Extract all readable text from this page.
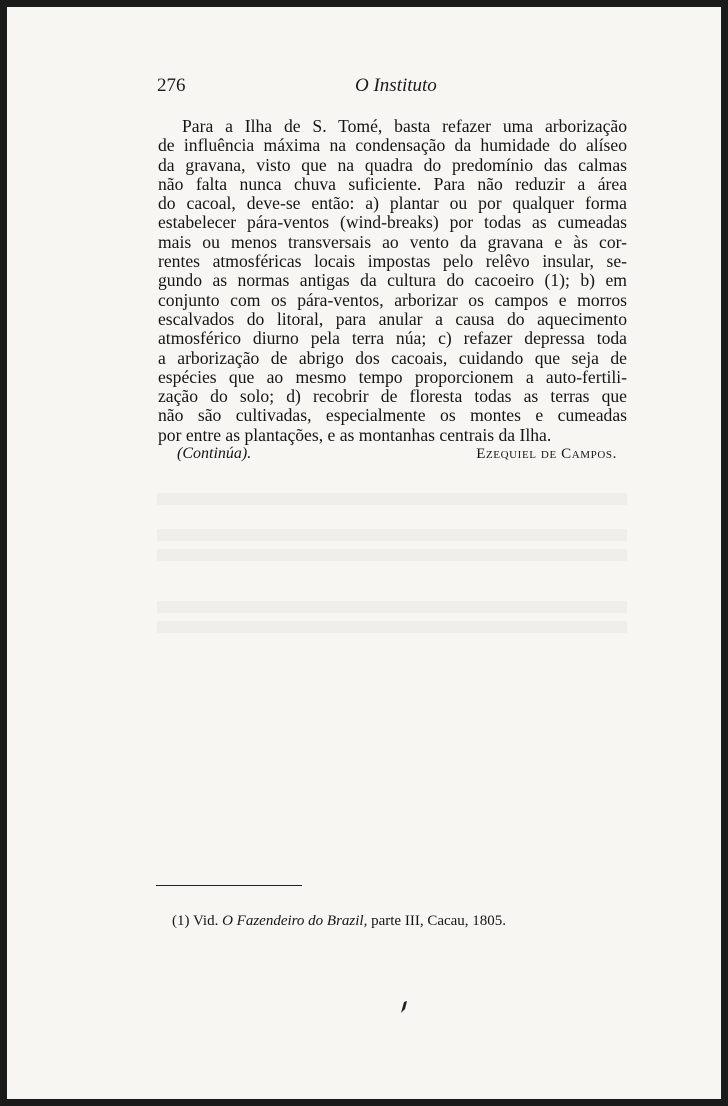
276	O Instituto
Para a Ilha de S. Tomé, basta refazer uma arborização
de influência máxima na condensação da humidade do alíseo
da gravana, visto que na quadra do predomínio das calmas
não falta nunca chuva suficiente. Para não reduzir a área
do cacoal, deve-se então: a) plantar ou por qualquer forma
estabelecer pára-ventos (wind-breaks) por todas as cumeadas
mais ou menos transversais ao vento da gravana e às cor-
rentes atmosféricas locais impostas pelo relêvo insular, se-
gundo as normas antigas da cultura do cacoeiro (1); b) em
conjunto com os pára-ventos, arborizar os campos e morros
escalvados do litoral, para anular a causa do aquecimento
atmosférico diurno pela terra núa; c) refazer depressa toda
a arborização de abrigo dos cacoais, cuidando que seja de
espécies que ao mesmo tempo proporcionem a auto-fertili-
zação do solo; d) recobrir de floresta todas as terras que
não são cultivadas, especialmente os montes e cumeadas
por entre as plantações, e as montanhas centrais da Ilha.
(Continúa).	Ezequiel de Campos.
(1) Vid. O Fazendeiro do Brazil, parte III, Cacau, 1805.
